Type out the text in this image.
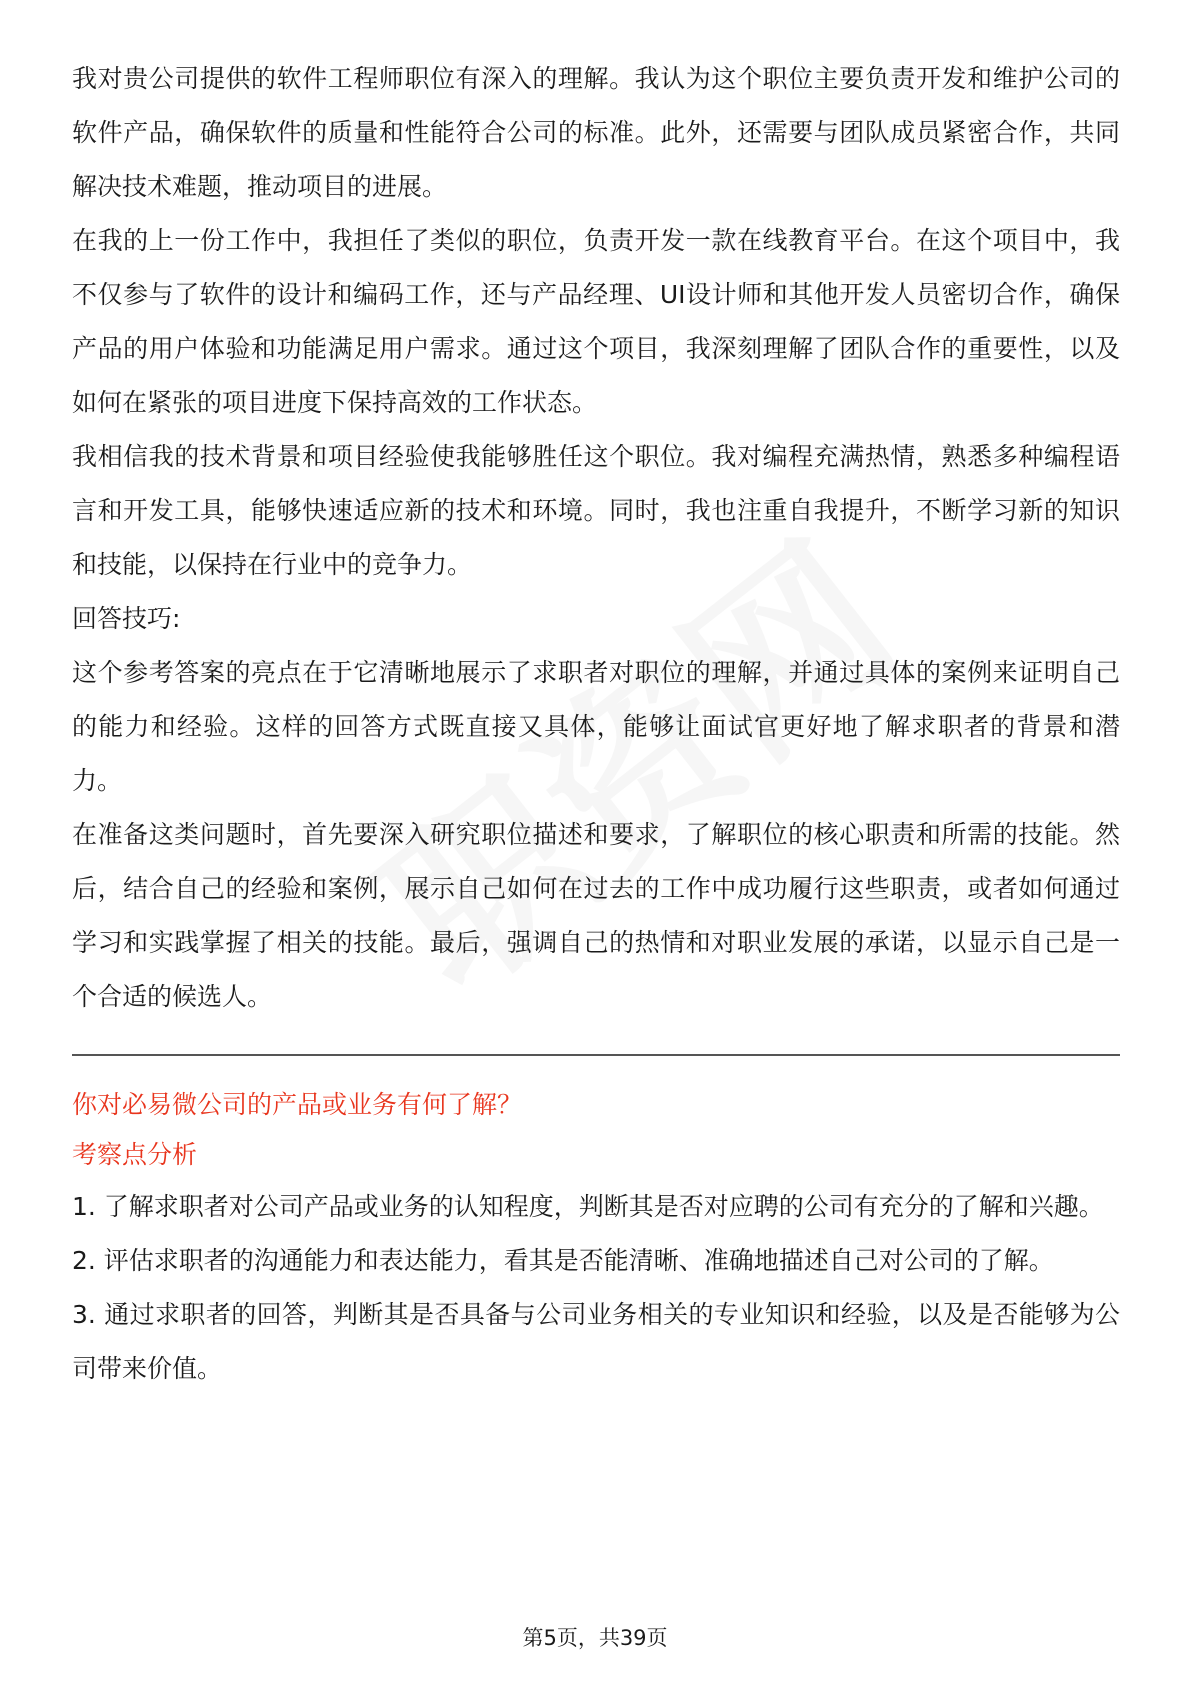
我对贵公司提供的软件工程师职位有深入的理解。我认为这个职位主要负责开发和维护公司的软件产品，确保软件的质量和性能符合公司的标准。此外，还需要与团队成员紧密合作，共同解决技术难题，推动项目的进展。

在我的上一份工作中，我担任了类似的职位，负责开发一款在线教育平台。在这个项目中，我不仅参与了软件的设计和编码工作，还与产品经理、UI设计师和其他开发人员密切合作，确保产品的用户体验和功能满足用户需求。通过这个项目，我深刻理解了团队合作的重要性，以及如何在紧张的项目进度下保持高效的工作状态。

我相信我的技术背景和项目经验使我能够胜任这个职位。我对编程充满热情，熟悉多种编程语言和开发工具，能够快速适应新的技术和环境。同时，我也注重自我提升，不断学习新的知识和技能，以保持在行业中的竞争力。

回答技巧:

这个参考答案的亮点在于它清晰地展示了求职者对职位的理解，并通过具体的案例来证明自己的能力和经验。这样的回答方式既直接又具体，能够让面试官更好地了解求职者的背景和潜力。

在准备这类问题时，首先要深入研究职位描述和要求，了解职位的核心职责和所需的技能。然后，结合自己的经验和案例，展示自己如何在过去的工作中成功履行这些职责，或者如何通过学习和实践掌握了相关的技能。最后，强调自己的热情和对职业发展的承诺，以显示自己是一个合适的候选人。

你对必易微公司的产品或业务有何了解？

考察点分析

1. 了解求职者对公司产品或业务的认知程度，判断其是否对应聘的公司有充分的了解和兴趣。

2. 评估求职者的沟通能力和表达能力，看其是否能清晰、准确地描述自己对公司的了解。

3. 通过求职者的回答，判断其是否具备与公司业务相关的专业知识和经验，以及是否能够为公司带来价值。

第5页，共39页
